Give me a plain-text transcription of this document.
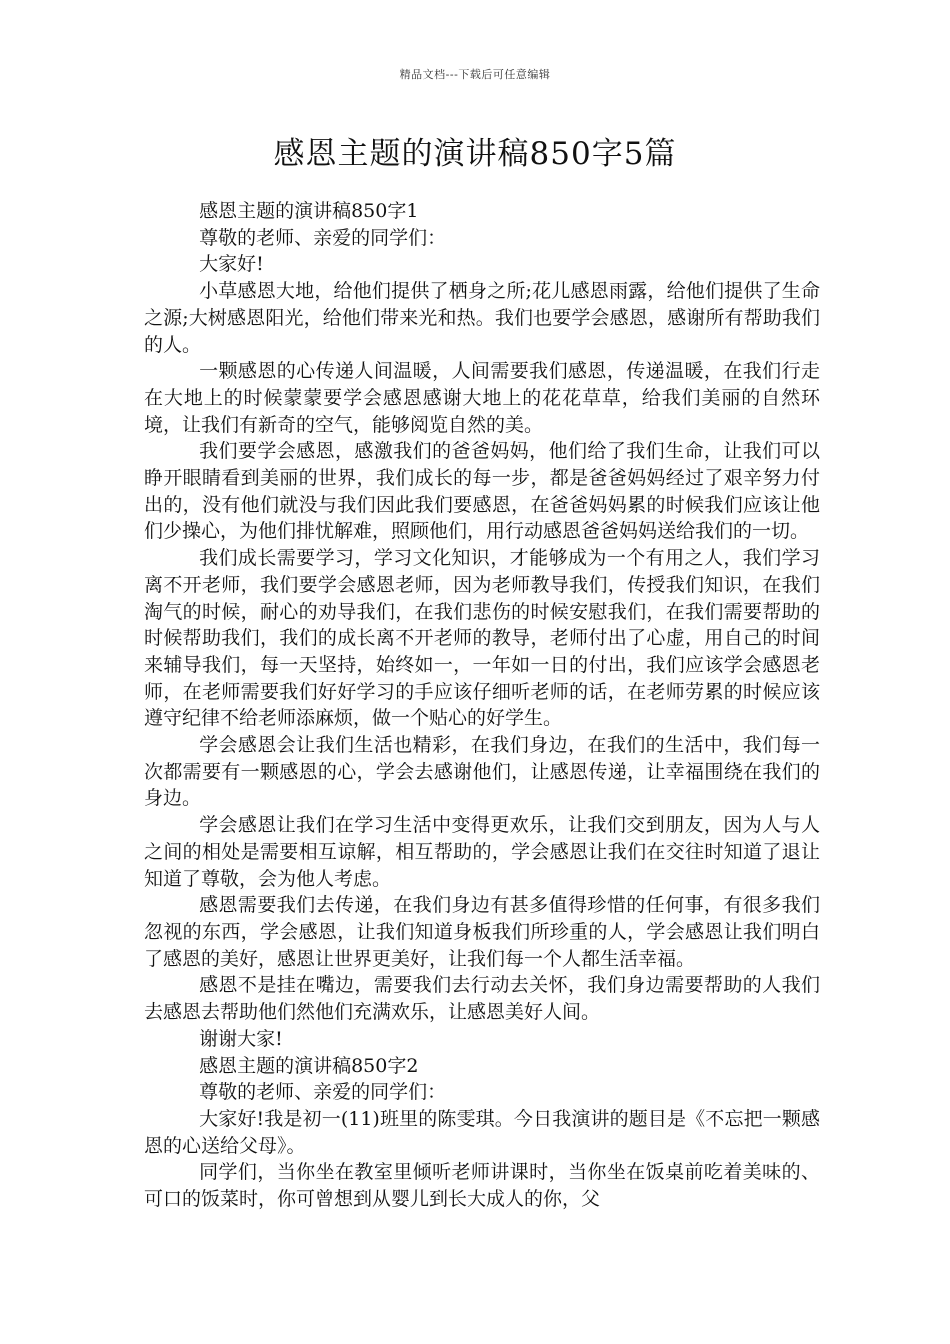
精品文档---下载后可任意编辑
感恩主题的演讲稿850字5篇

感恩主题的演讲稿850字1

尊敬的老师、亲爱的同学们：

大家好!

小草感恩大地，给他们提供了栖身之所;花儿感恩雨露，给他们提供了生命之源;大树感恩阳光，给他们带来光和热。我们也要学会感恩，感谢所有帮助我们的人。

一颗感恩的心传递人间温暖，人间需要我们感恩，传递温暖，在我们行走在大地上的时候蒙蒙要学会感恩感谢大地上的花花草草，给我们美丽的自然环境，让我们有新奇的空气，能够阅览自然的美。

我们要学会感恩，感激我们的爸爸妈妈，他们给了我们生命，让我们可以睁开眼睛看到美丽的世界，我们成长的每一步，都是爸爸妈妈经过了艰辛努力付出的，没有他们就没与我们因此我们要感恩，在爸爸妈妈累的时候我们应该让他们少操心，为他们排忧解难，照顾他们，用行动感恩爸爸妈妈送给我们的一切。

我们成长需要学习，学习文化知识，才能够成为一个有用之人，我们学习离不开老师，我们要学会感恩老师，因为老师教导我们，传授我们知识，在我们淘气的时候，耐心的劝导我们，在我们悲伤的时候安慰我们，在我们需要帮助的时候帮助我们，我们的成长离不开老师的教导，老师付出了心虚，用自己的时间来辅导我们，每一天坚持，始终如一，一年如一日的付出，我们应该学会感恩老师，在老师需要我们好好学习的手应该仔细听老师的话，在老师劳累的时候应该遵守纪律不给老师添麻烦，做一个贴心的好学生。

学会感恩会让我们生活也精彩，在我们身边，在我们的生活中，我们每一次都需要有一颗感恩的心，学会去感谢他们，让感恩传递，让幸福围绕在我们的身边。

学会感恩让我们在学习生活中变得更欢乐，让我们交到朋友，因为人与人之间的相处是需要相互谅解，相互帮助的，学会感恩让我们在交往时知道了退让知道了尊敬，会为他人考虑。

感恩需要我们去传递，在我们身边有甚多值得珍惜的任何事，有很多我们忽视的东西，学会感恩，让我们知道身板我们所珍重的人，学会感恩让我们明白了感恩的美好，感恩让世界更美好，让我们每一个人都生活幸福。

感恩不是挂在嘴边，需要我们去行动去关怀，我们身边需要帮助的人我们去感恩去帮助他们然他们充满欢乐，让感恩美好人间。

谢谢大家!

感恩主题的演讲稿850字2

尊敬的老师、亲爱的同学们：

大家好!我是初一(11)班里的陈雯琪。今日我演讲的题目是《不忘把一颗感恩的心送给父母》。

同学们，当你坐在教室里倾听老师讲课时，当你坐在饭桌前吃着美味的、可口的饭菜时，你可曾想到从婴儿到长大成人的你，父
